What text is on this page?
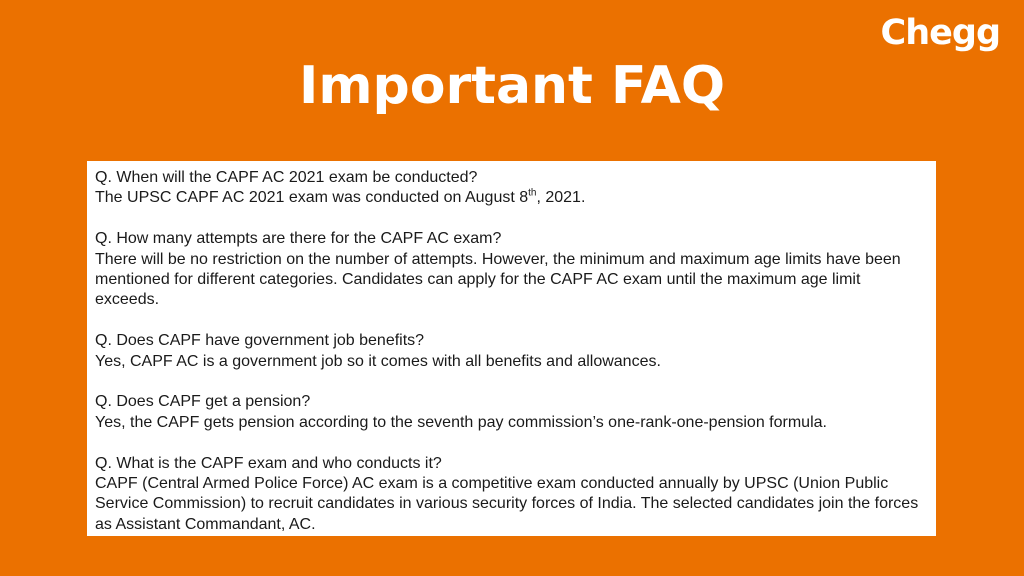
Chegg
Important FAQ

Q. When will the CAPF AC 2021 exam be conducted?

The UPSC CAPF AC 2021 exam was conducted on August 8th, 2021.

Q. How many attempts are there for the CAPF AC exam?

There will be no restriction on the number of attempts. However, the minimum and maximum age limits have been mentioned for different categories. Candidates can apply for the CAPF AC exam until the maximum age limit exceeds.

Q. Does CAPF have government job benefits?

Yes, CAPF AC is a government job so it comes with all benefits and allowances.

Q. Does CAPF get a pension?

Yes, the CAPF gets pension according to the seventh pay commission’s one-rank-one-pension formula.

Q. What is the CAPF exam and who conducts it?

CAPF (Central Armed Police Force) AC exam is a competitive exam conducted annually by UPSC (Union Public Service Commission) to recruit candidates in various security forces of India. The selected candidates join the forces as Assistant Commandant, AC.
